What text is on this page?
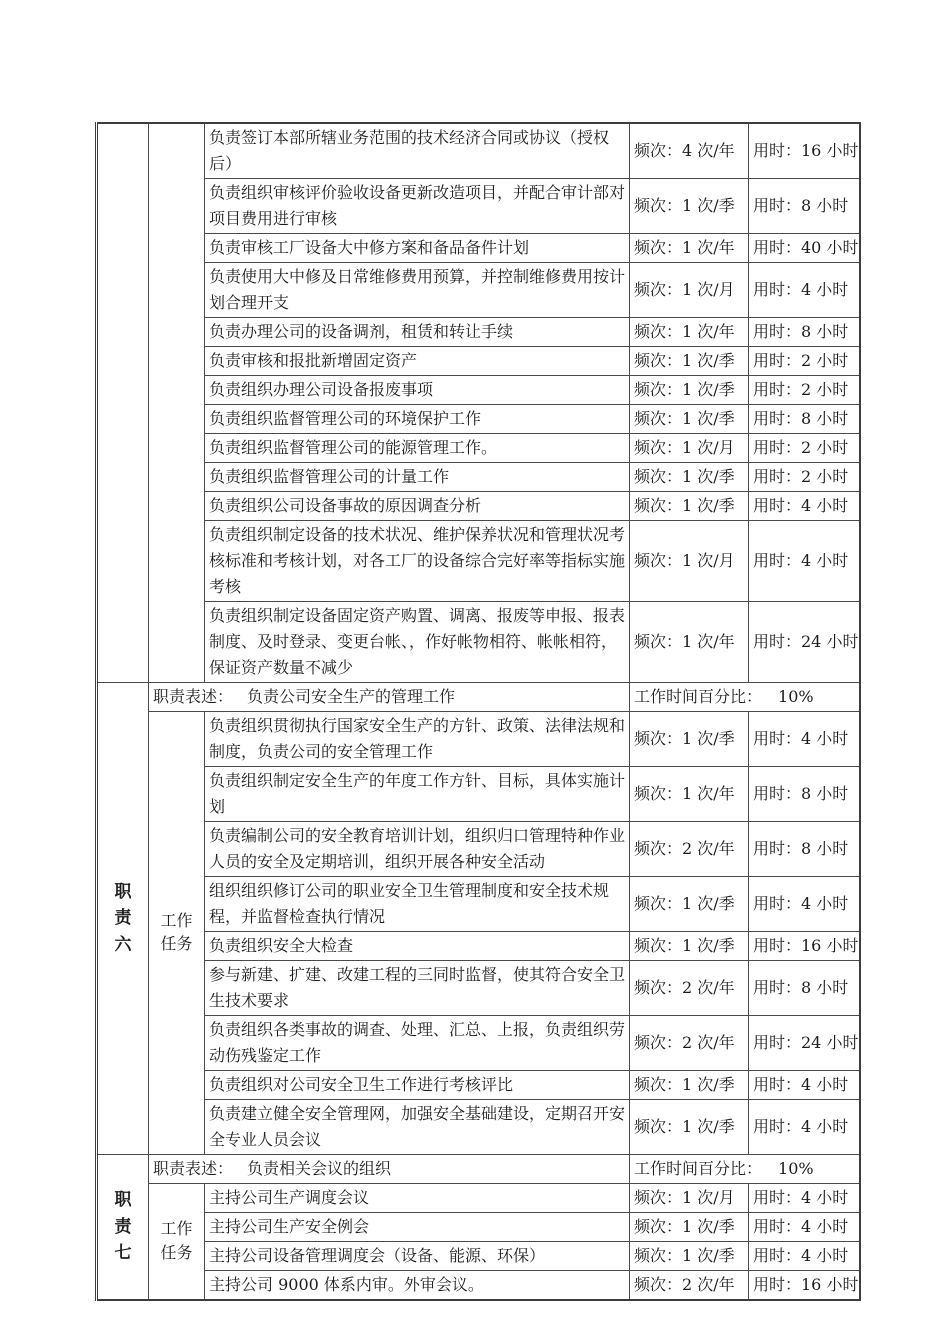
		负责签订本部所辖业务范围的技术经济合同或协议（授权后）	频次：4 次/年	用时：16 小时
		负责组织审核评价验收设备更新改造项目，并配合审计部对项目费用进行审核	频次：1 次/季	用时：8 小时
		负责审核工厂设备大中修方案和备品备件计划	频次：1 次/年	用时：40 小时
		负责使用大中修及日常维修费用预算，并控制维修费用按计划合理开支	频次：1 次/月	用时：4 小时
		负责办理公司的设备调剂，租赁和转让手续	频次：1 次/年	用时：8 小时
		负责审核和报批新增固定资产	频次：1 次/季	用时：2 小时
		负责组织办理公司设备报废事项	频次：1 次/季	用时：2 小时
		负责组织监督管理公司的环境保护工作	频次：1 次/季	用时：8 小时
		负责组织监督管理公司的能源管理工作。	频次：1 次/月	用时：2 小时
		负责组织监督管理公司的计量工作	频次：1 次/季	用时：2 小时
		负责组织公司设备事故的原因调查分析	频次：1 次/季	用时：4 小时
		负责组织制定设备的技术状况、维护保养状况和管理状况考核标准和考核计划，对各工厂的设备综合完好率等指标实施考核	频次：1 次/月	用时：4 小时
		负责组织制定设备固定资产购置、调离、报废等申报、报表制度、及时登录、变更台帐、，作好帐物相符、帐帐相符，保证资产数量不减少	频次：1 次/年	用时：24 小时
职责六	职责表述： 负责公司安全生产的管理工作		工作时间百分比： 10%	
	工作任务	负责组织贯彻执行国家安全生产的方针、政策、法律法规和制度，负责公司的安全管理工作	频次：1 次/季	用时：4 小时
		负责组织制定安全生产的年度工作方针、目标，具体实施计划	频次：1 次/年	用时：8 小时
		负责编制公司的安全教育培训计划，组织归口管理特种作业人员的安全及定期培训，组织开展各种安全活动	频次：2 次/年	用时：8 小时
		组织组织修订公司的职业安全卫生管理制度和安全技术规程，并监督检查执行情况	频次：1 次/季	用时：4 小时
		负责组织安全大检查	频次：1 次/季	用时：16 小时
		参与新建、扩建、改建工程的三同时监督，使其符合安全卫生技术要求	频次：2 次/年	用时：8 小时
		负责组织各类事故的调查、处理、汇总、上报，负责组织劳动伤残鉴定工作	频次：2 次/年	用时：24 小时
		负责组织对公司安全卫生工作进行考核评比	频次：1 次/季	用时：4 小时
		负责建立健全安全管理网，加强安全基础建设，定期召开安全专业人员会议	频次：1 次/季	用时：4 小时
职责七	职责表述： 负责相关会议的组织		工作时间百分比： 10%	
	工作任务	主持公司生产调度会议	频次：1 次/月	用时：4 小时
		主持公司生产安全例会	频次：1 次/季	用时：4 小时
		主持公司设备管理调度会（设备、能源、环保）	频次：1 次/季	用时：4 小时
		主持公司 9000 体系内审。外审会议。	频次：2 次/年	用时：16 小时
